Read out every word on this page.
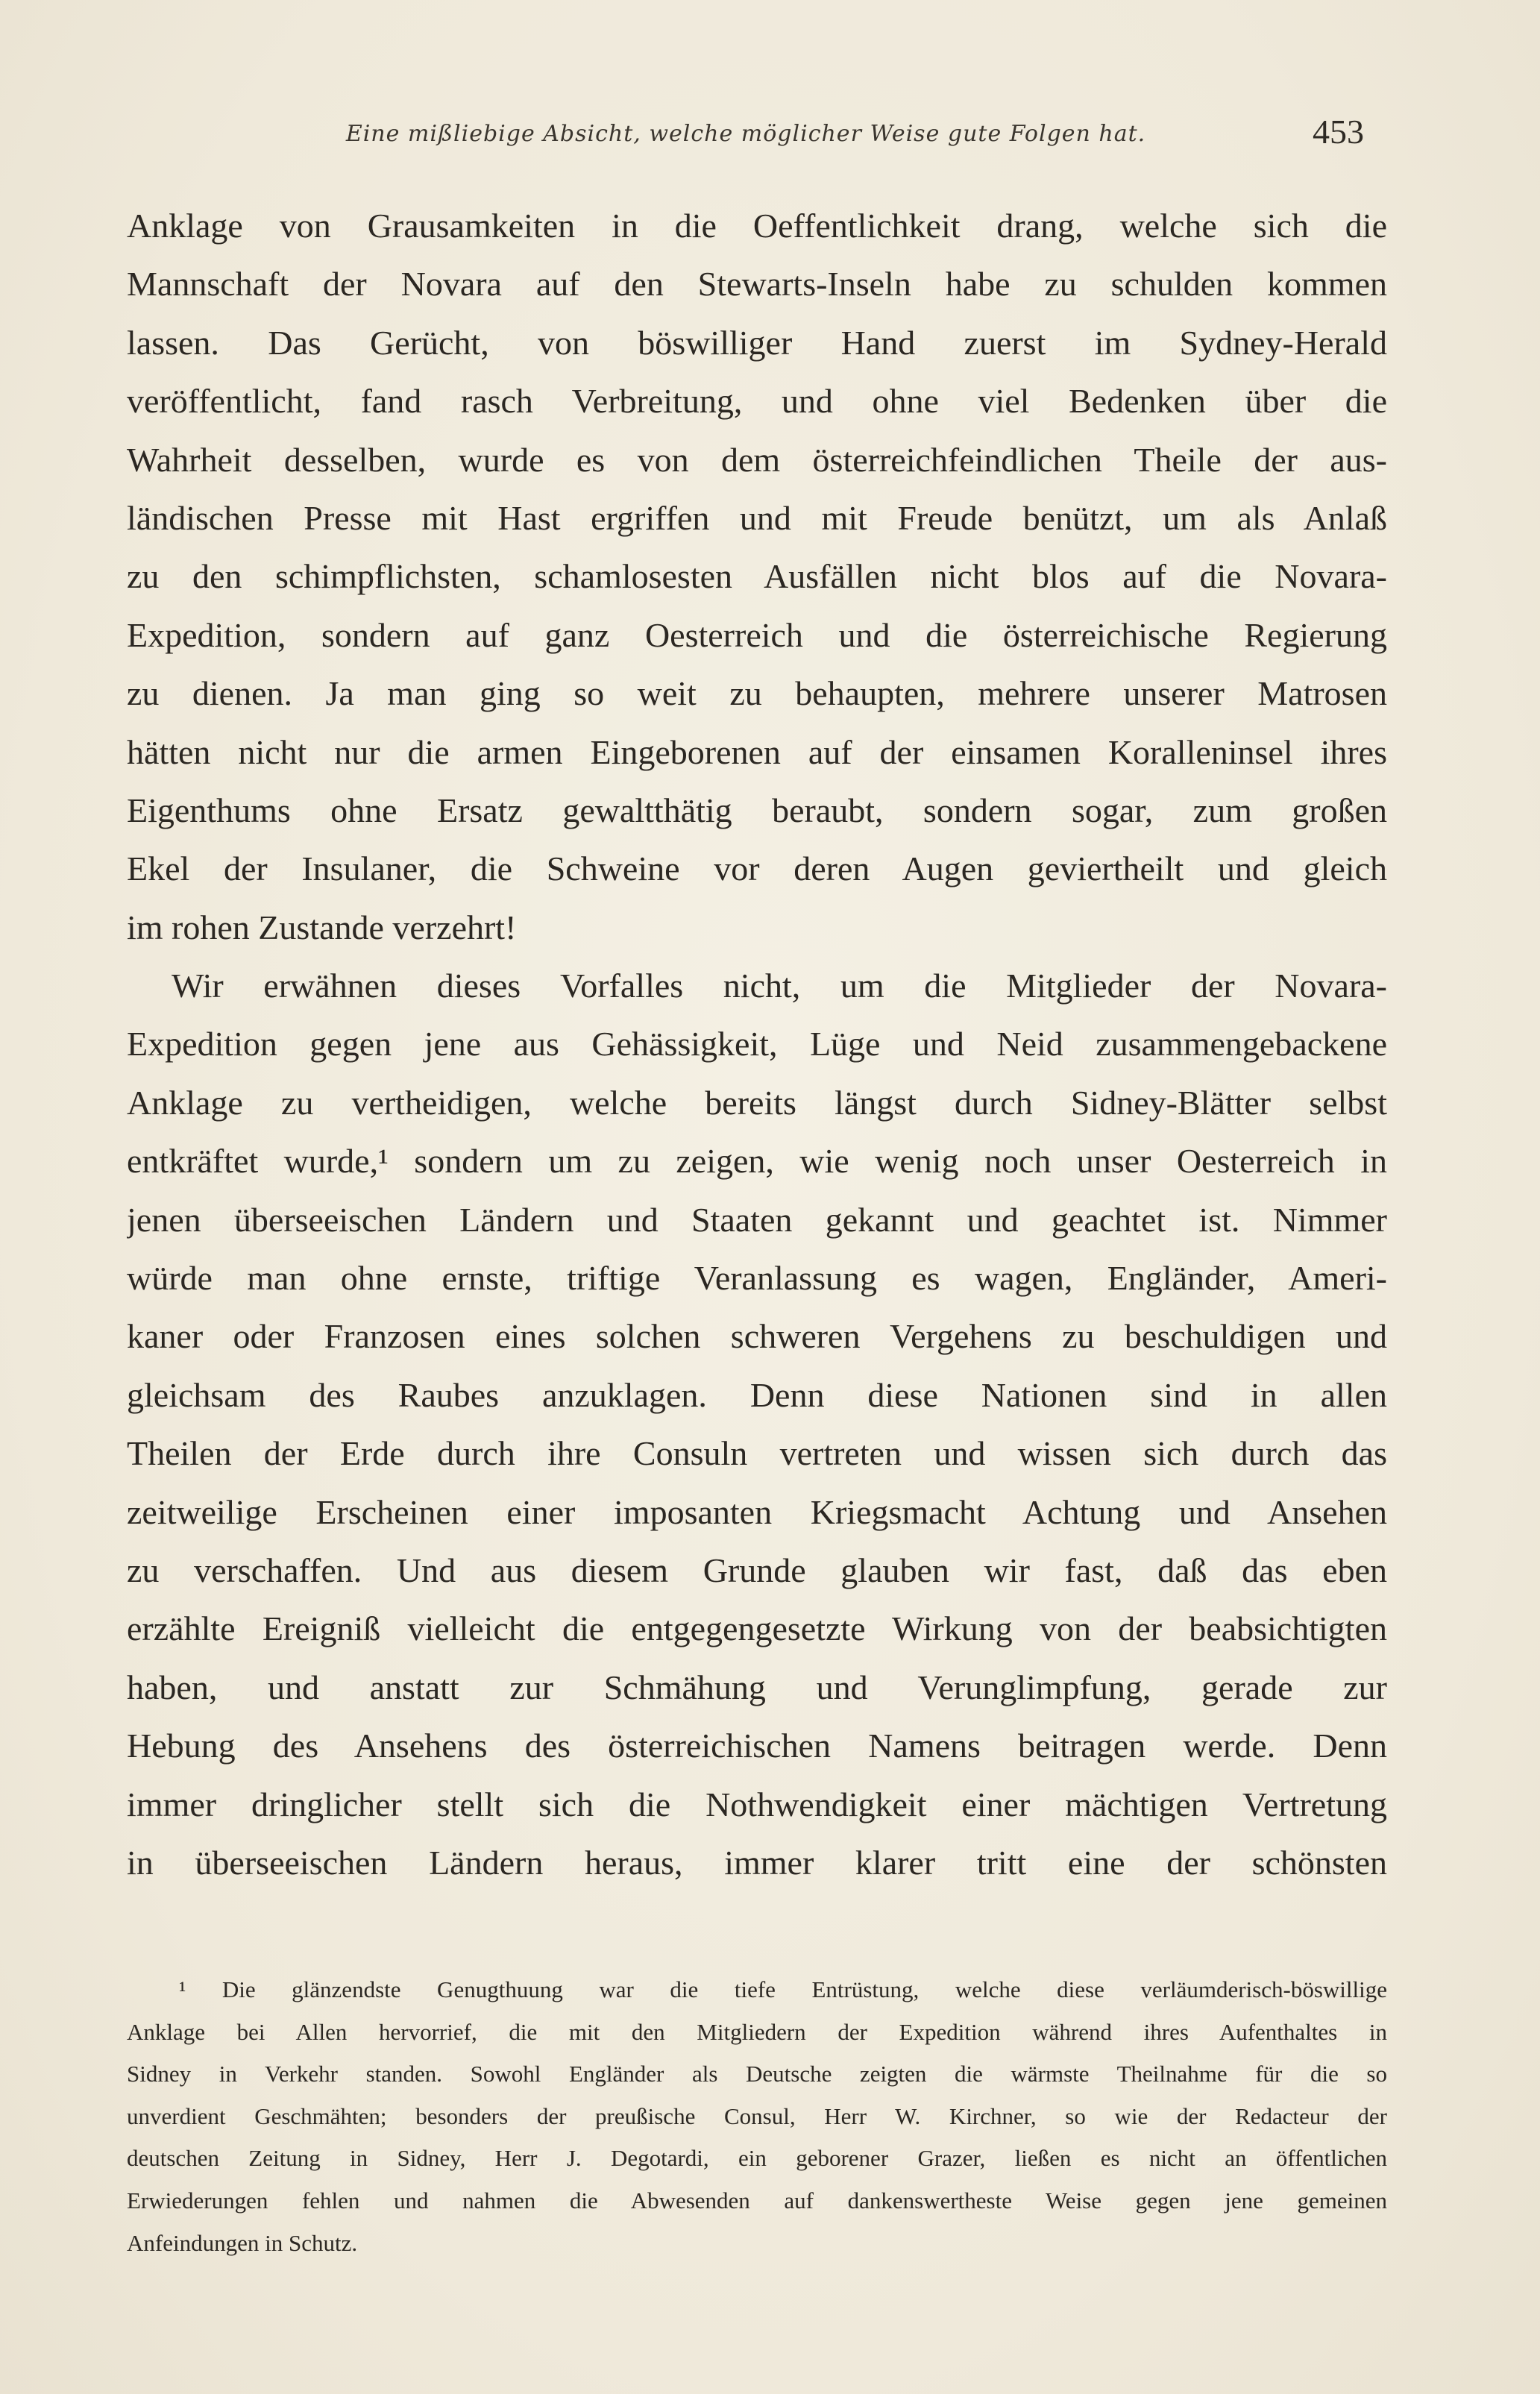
Eine mißliebige Absicht, welche möglicher Weise gute Folgen hat.	453
Anklage von Grausamkeiten in die Oeffentlichkeit drang, welche sich die
Mannschaft der Novara auf den Stewarts-Inseln habe zu schulden kommen
lassen. Das Gerücht, von böswilliger Hand zuerst im Sydney-Herald
veröffentlicht, fand rasch Verbreitung, und ohne viel Bedenken über die
Wahrheit desselben, wurde es von dem österreichfeindlichen Theile der aus-
ländischen Presse mit Hast ergriffen und mit Freude benützt, um als Anlaß
zu den schimpflichsten, schamlosesten Ausfällen nicht blos auf die Novara-
Expedition, sondern auf ganz Oesterreich und die österreichische Regierung
zu dienen. Ja man ging so weit zu behaupten, mehrere unserer Matrosen
hätten nicht nur die armen Eingeborenen auf der einsamen Koralleninsel ihres
Eigenthums ohne Ersatz gewaltthätig beraubt, sondern sogar, zum großen
Ekel der Insulaner, die Schweine vor deren Augen geviertheilt und gleich
im rohen Zustande verzehrt!
Wir erwähnen dieses Vorfalles nicht, um die Mitglieder der Novara-
Expedition gegen jene aus Gehässigkeit, Lüge und Neid zusammengebackene
Anklage zu vertheidigen, welche bereits längst durch Sidney-Blätter selbst
entkräftet wurde,¹ sondern um zu zeigen, wie wenig noch unser Oesterreich in
jenen überseeischen Ländern und Staaten gekannt und geachtet ist. Nimmer
würde man ohne ernste, triftige Veranlassung es wagen, Engländer, Ameri-
kaner oder Franzosen eines solchen schweren Vergehens zu beschuldigen und
gleichsam des Raubes anzuklagen. Denn diese Nationen sind in allen
Theilen der Erde durch ihre Consuln vertreten und wissen sich durch das
zeitweilige Erscheinen einer imposanten Kriegsmacht Achtung und Ansehen
zu verschaffen. Und aus diesem Grunde glauben wir fast, daß das eben
erzählte Ereigniß vielleicht die entgegengesetzte Wirkung von der beabsichtigten
haben, und anstatt zur Schmähung und Verunglimpfung, gerade zur
Hebung des Ansehens des österreichischen Namens beitragen werde. Denn
immer dringlicher stellt sich die Nothwendigkeit einer mächtigen Vertretung
in überseeischen Ländern heraus, immer klarer tritt eine der schönsten
¹ Die glänzendste Genugthuung war die tiefe Entrüstung, welche diese verläumderisch-böswillige
Anklage bei Allen hervorrief, die mit den Mitgliedern der Expedition während ihres Aufenthaltes in
Sidney in Verkehr standen. Sowohl Engländer als Deutsche zeigten die wärmste Theilnahme für die so
unverdient Geschmähten; besonders der preußische Consul, Herr W. Kirchner, so wie der Redacteur der
deutschen Zeitung in Sidney, Herr J. Degotardi, ein geborener Grazer, ließen es nicht an öffentlichen
Erwiederungen fehlen und nahmen die Abwesenden auf dankenswertheste Weise gegen jene gemeinen
Anfeindungen in Schutz.
